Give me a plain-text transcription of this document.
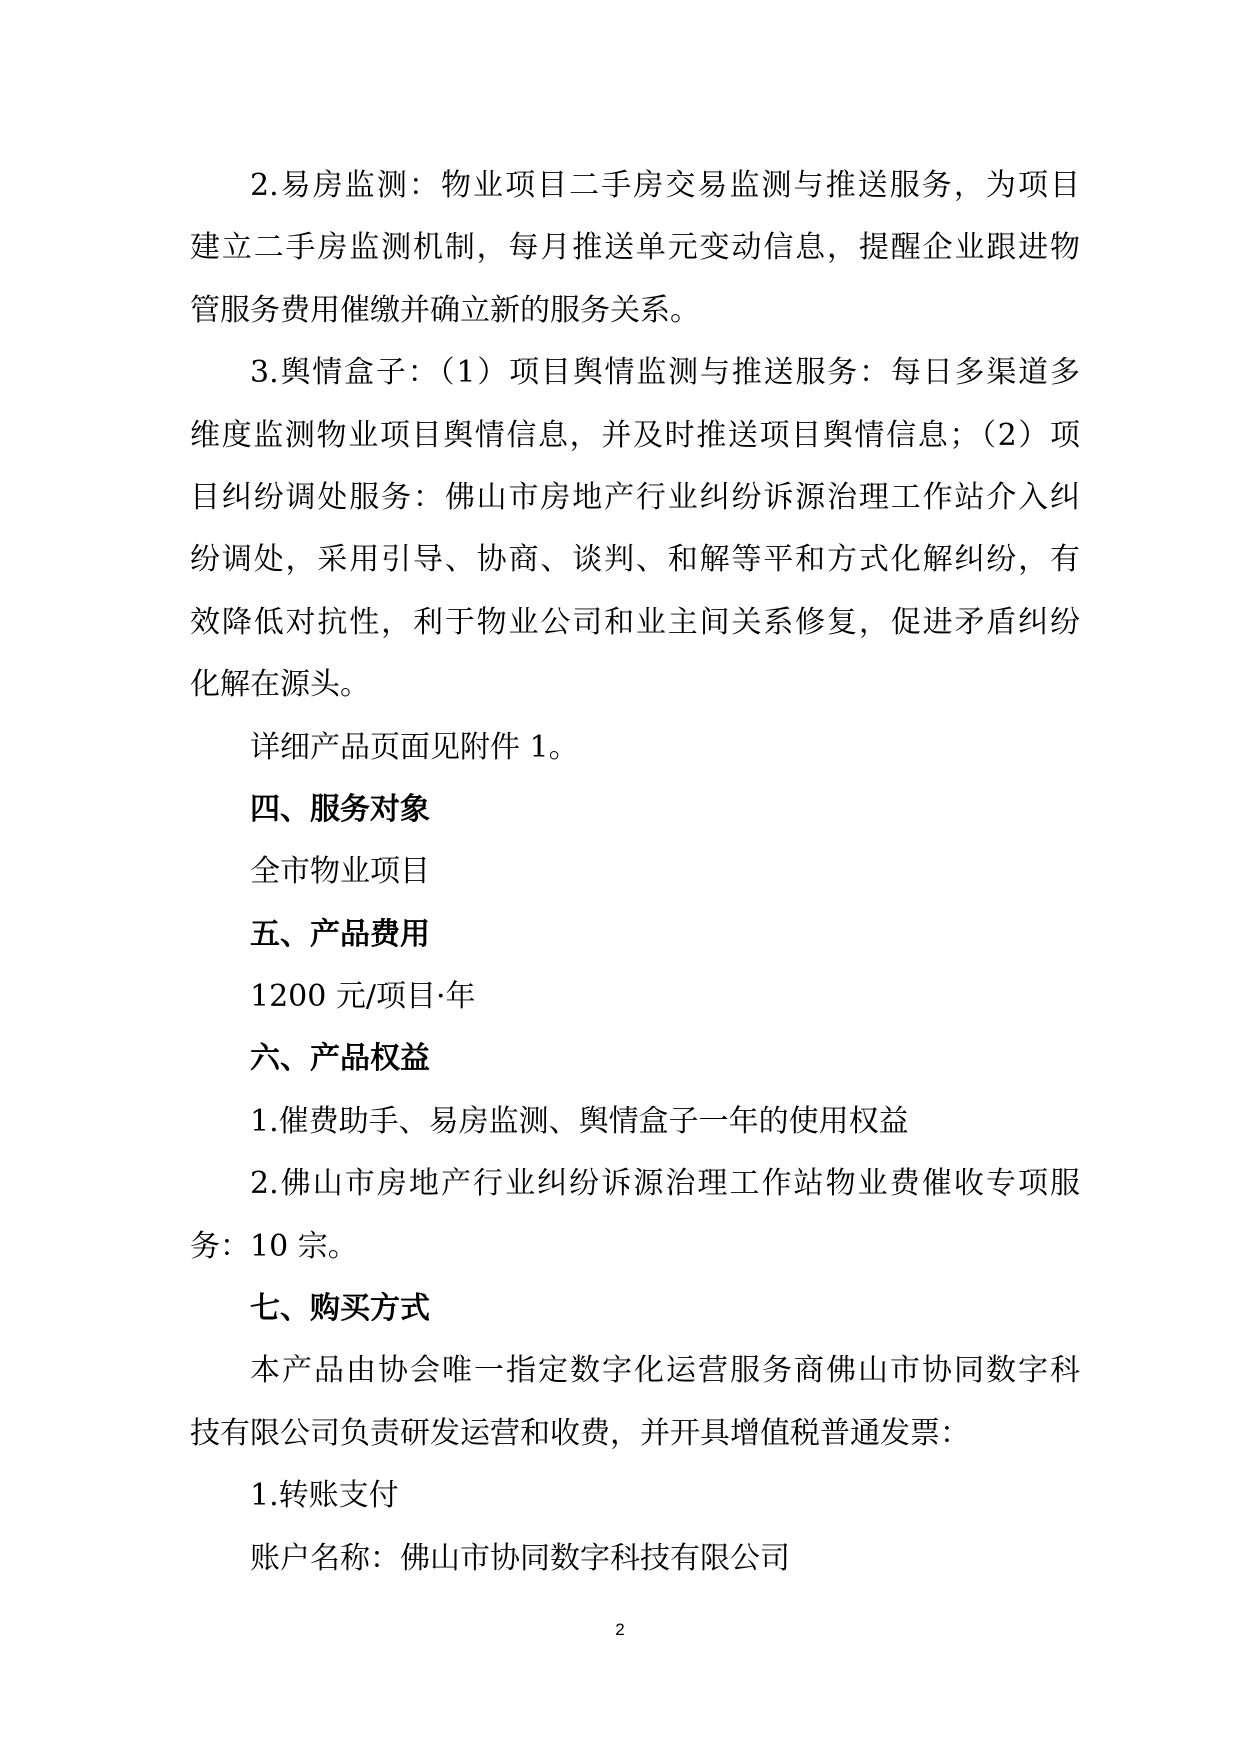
2.易房监测：物业项目二手房交易监测与推送服务，为项目
建立二手房监测机制，每月推送单元变动信息，提醒企业跟进物
管服务费用催缴并确立新的服务关系。
3.舆情盒子：（1）项目舆情监测与推送服务：每日多渠道多
维度监测物业项目舆情信息，并及时推送项目舆情信息；（2）项
目纠纷调处服务：佛山市房地产行业纠纷诉源治理工作站介入纠
纷调处，采用引导、协商、谈判、和解等平和方式化解纠纷，有
效降低对抗性，利于物业公司和业主间关系修复，促进矛盾纠纷
化解在源头。
详细产品页面见附件 1。
四、服务对象
全市物业项目
五、产品费用
1200 元/项目·年
六、产品权益
1.催费助手、易房监测、舆情盒子一年的使用权益
2.佛山市房地产行业纠纷诉源治理工作站物业费催收专项服
务：10 宗。
七、购买方式
本产品由协会唯一指定数字化运营服务商佛山市协同数字科
技有限公司负责研发运营和收费，并开具增值税普通发票：
1.转账支付
账户名称：佛山市协同数字科技有限公司
2
